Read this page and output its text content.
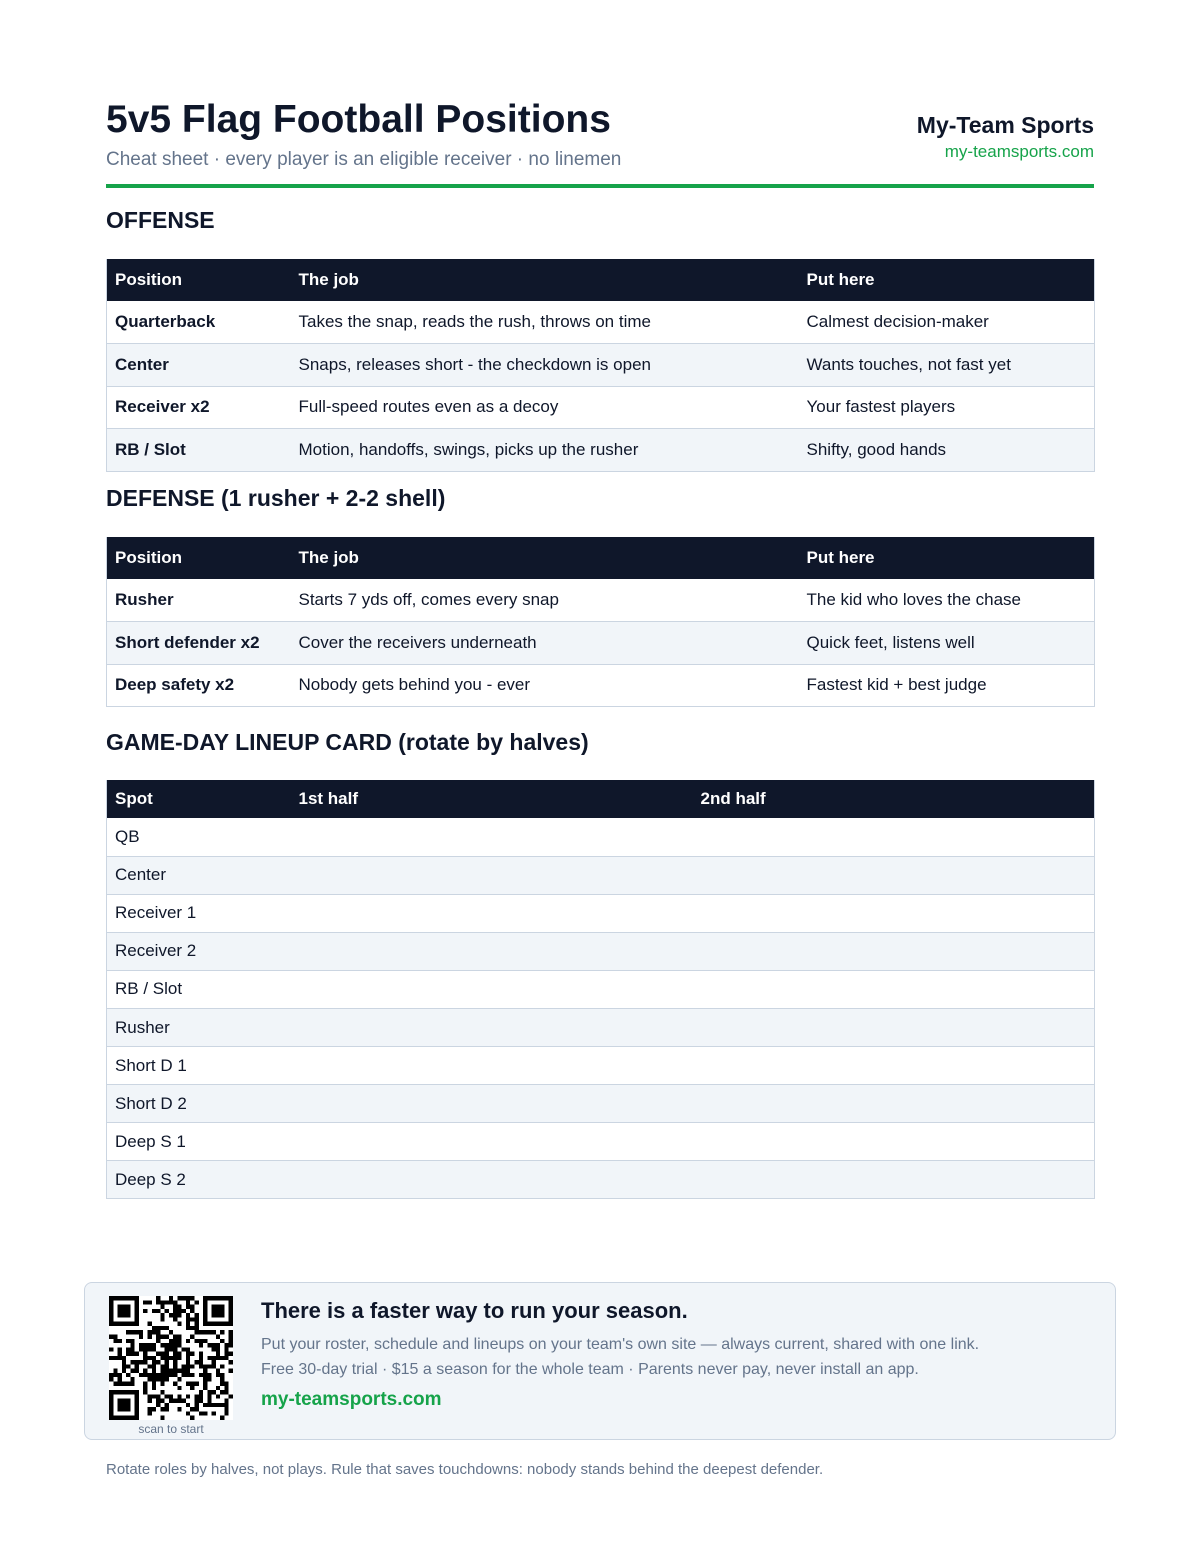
5v5 Flag Football Positions
Cheat sheet · every player is an eligible receiver · no linemen
My-Team Sports
my-teamsports.com
OFFENSE
Position	The job	Put here
Quarterback	Takes the snap, reads the rush, throws on time	Calmest decision-maker
Center	Snaps, releases short - the checkdown is open	Wants touches, not fast yet
Receiver x2	Full-speed routes even as a decoy	Your fastest players
RB / Slot	Motion, handoffs, swings, picks up the rusher	Shifty, good hands
DEFENSE (1 rusher + 2-2 shell)
Position	The job	Put here
Rusher	Starts 7 yds off, comes every snap	The kid who loves the chase
Short defender x2	Cover the receivers underneath	Quick feet, listens well
Deep safety x2	Nobody gets behind you - ever	Fastest kid + best judge
GAME-DAY LINEUP CARD (rotate by halves)
Spot	1st half	2nd half
QB		
Center		
Receiver 1		
Receiver 2		
RB / Slot		
Rusher		
Short D 1		
Short D 2		
Deep S 1		
Deep S 2		
scan to start
There is a faster way to run your season.
Put your roster, schedule and lineups on your team's own site — always current, shared with one link.
Free 30-day trial · $15 a season for the whole team · Parents never pay, never install an app.
my-teamsports.com
Rotate roles by halves, not plays. Rule that saves touchdowns: nobody stands behind the deepest defender.
